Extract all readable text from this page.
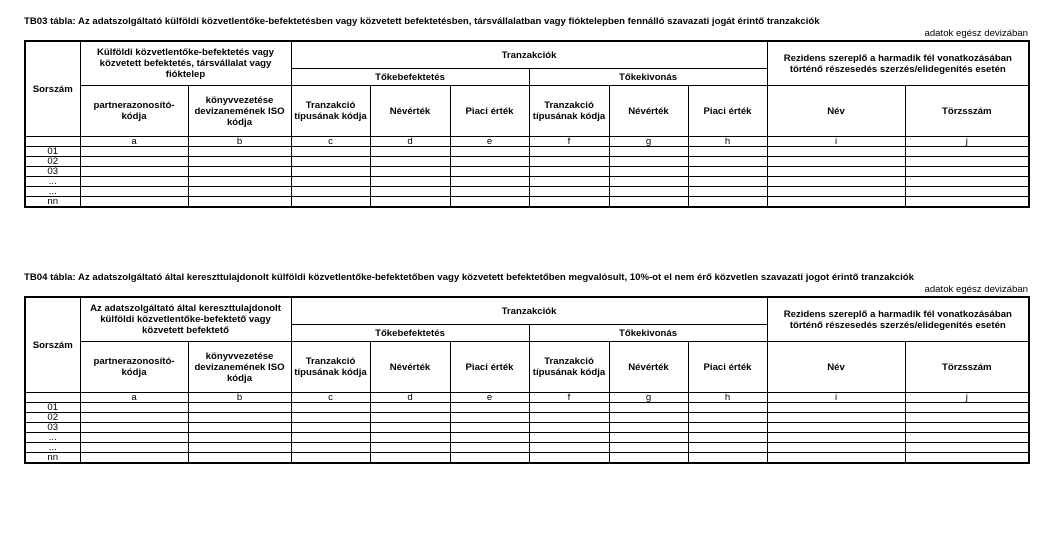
TB03 tábla: Az adatszolgáltató külföldi közvetlentőke-befektetésben vagy közvetett befektetésben, társvállalatban vagy fióktelepben fennálló szavazati jogát érintő tranzakciók
adatok egész devizában
Sorszám	Külföldi közvetlentőke-befektetés vagy közvetett befektetés, társvállalat vagy fióktelep		Tranzakciók						Rezidens szereplő a harmadik fél vonatkozásában történő részesedés szerzés/elidegenítés esetén	
			Tőkebefektetés			Tőkekivonás				
	partnerazonosító-kódja	könyvvezetése devizanemének ISO kódja	Tranzakció típusának kódja	Névérték	Piaci érték	Tranzakció típusának kódja	Névérték	Piaci érték	Név	Törzsszám
	a	b	c	d	e	f	g	h	i	j
01										
02										
03										
...										
...										
nn										
TB04 tábla: Az adatszolgáltató által kereszttulajdonolt külföldi közvetlentőke-befektetőben vagy közvetett befektetőben megvalósult, 10%-ot el nem érő közvetlen szavazati jogot érintő tranzakciók
adatok egész devizában
Sorszám	Az adatszolgáltató által kereszttulajdonolt külföldi közvetlentőke-befektető vagy közvetett befektető		Tranzakciók						Rezidens szereplő a harmadik fél vonatkozásában történő részesedés szerzés/elidegenítés esetén	
			Tőkebefektetés			Tőkekivonás				
	partnerazonosító-kódja	könyvvezetése devizanemének ISO kódja	Tranzakció típusának kódja	Névérték	Piaci érték	Tranzakció típusának kódja	Névérték	Piaci érték	Név	Törzsszám
	a	b	c	d	e	f	g	h	i	j
01										
02										
03										
...										
...										
nn										
